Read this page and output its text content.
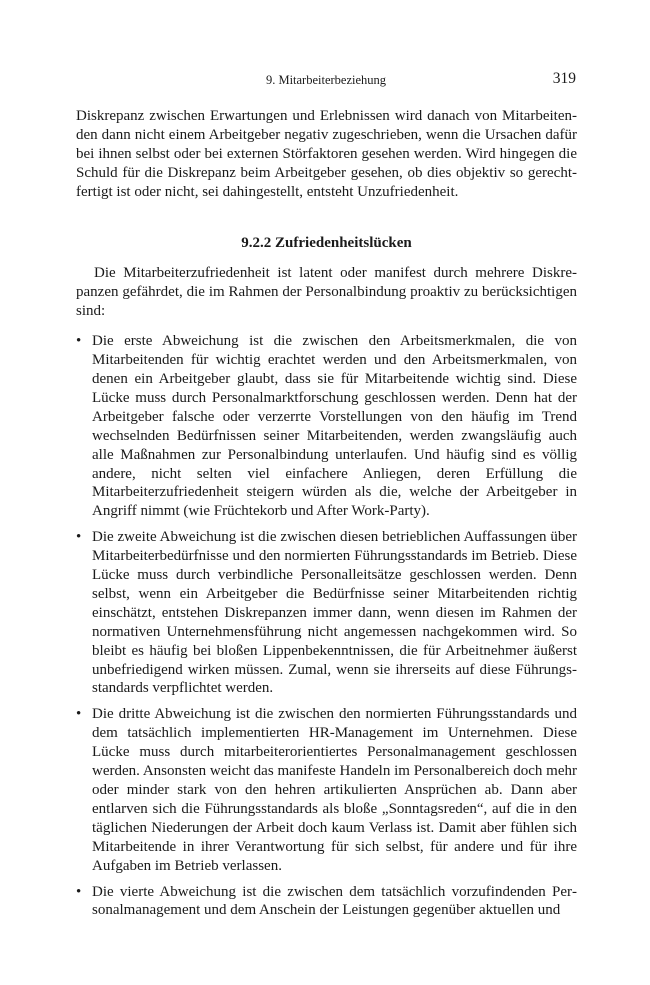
9. Mitarbeiterbeziehung	319

Diskrepanz zwischen Erwartungen und Erlebnissen wird danach von Mitarbeitenden dann nicht einem Arbeitgeber negativ zugeschrieben, wenn die Ursachen dafür bei ihnen selbst oder bei externen Störfaktoren gesehen werden. Wird hingegen die Schuld für die Diskrepanz beim Arbeitgeber gesehen, ob dies objektiv so gerechtfertigt ist oder nicht, sei dahingestellt, entsteht Unzufriedenheit.

9.2.2 Zufriedenheitslücken

Die Mitarbeiterzufriedenheit ist latent oder manifest durch mehrere Diskrepanzen gefährdet, die im Rahmen der Personalbindung proaktiv zu berücksichtigen sind:

• Die erste Abweichung ist die zwischen den Arbeitsmerkmalen, die von Mitarbeitenden für wichtig erachtet werden und den Arbeitsmerkmalen, von denen ein Arbeitgeber glaubt, dass sie für Mitarbeitende wichtig sind. Diese Lücke muss durch Personalmarktforschung geschlossen werden. Denn hat der Arbeitgeber falsche oder verzerrte Vorstellungen von den häufig im Trend wechselnden Bedürfnissen seiner Mitarbeitenden, werden zwangsläufig auch alle Maßnahmen zur Personalbindung unterlaufen. Und häufig sind es völlig andere, nicht selten viel einfachere Anliegen, deren Erfüllung die Mitarbeiterzufriedenheit steigern würden als die, welche der Arbeitgeber in Angriff nimmt (wie Früchtekorb und After Work-Party).
• Die zweite Abweichung ist die zwischen diesen betrieblichen Auffassungen über Mitarbeiterbedürfnisse und den normierten Führungsstandards im Betrieb. Diese Lücke muss durch verbindliche Personalleitsätze geschlossen werden. Denn selbst, wenn ein Arbeitgeber die Bedürfnisse seiner Mitarbeitenden richtig einschätzt, entstehen Diskrepanzen immer dann, wenn diesen im Rahmen der normativen Unternehmensführung nicht angemessen nachgekommen wird. So bleibt es häufig bei bloßen Lippenbekenntnissen, die für Arbeitnehmer äußerst unbefriedigend wirken müssen. Zumal, wenn sie ihrerseits auf diese Führungsstandards verpflichtet werden.
• Die dritte Abweichung ist die zwischen den normierten Führungsstandards und dem tatsächlich implementierten HR-Management im Unternehmen. Diese Lücke muss durch mitarbeiterorientiertes Personalmanagement geschlossen werden. Ansonsten weicht das manifeste Handeln im Personalbereich doch mehr oder minder stark von den hehren artikulierten Ansprüchen ab. Dann aber entlarven sich die Führungsstandards als bloße „Sonntagsreden“, auf die in den täglichen Niederungen der Arbeit doch kaum Verlass ist. Damit aber fühlen sich Mitarbeitende in ihrer Verantwortung für sich selbst, für andere und für ihre Aufgaben im Betrieb verlassen.
• Die vierte Abweichung ist die zwischen dem tatsächlich vorzufindenden Personalmanagement und dem Anschein der Leistungen gegenüber aktuellen und
